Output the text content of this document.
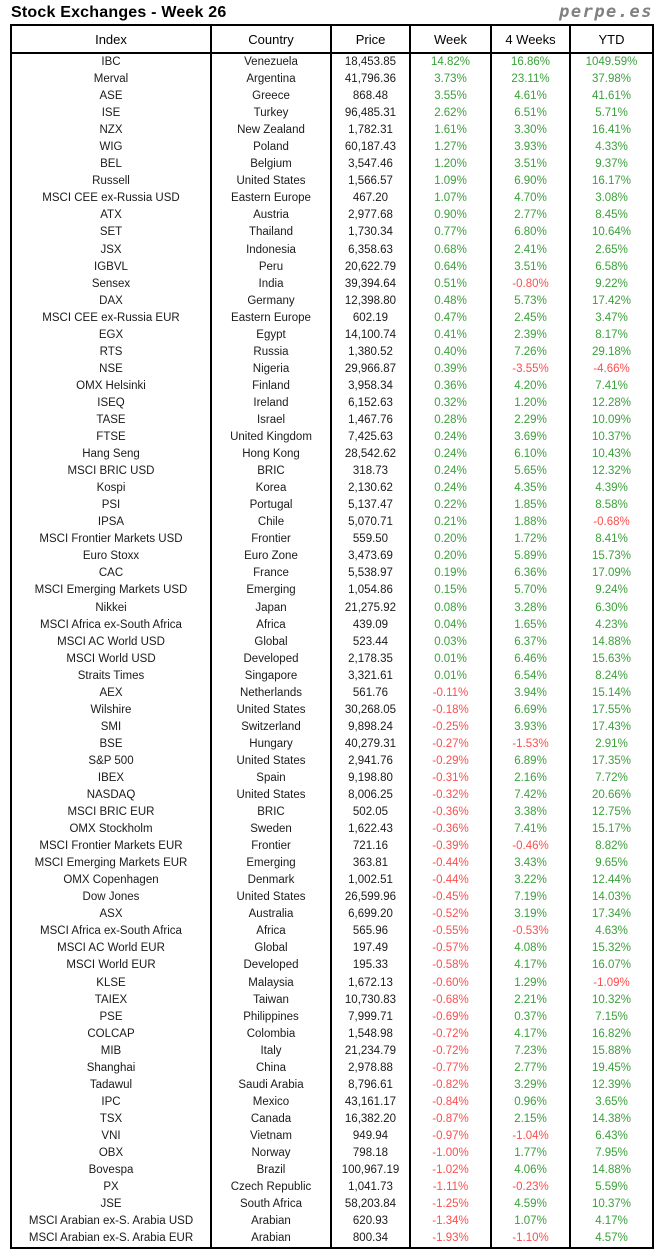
Stock Exchanges - Week 26	perpe.es
Index	Country	Price	Week	4 Weeks	YTD
IBC	Venezuela	18,453.85	14.82%	16.86%	1049.59%
Merval	Argentina	41,796.36	3.73%	23.11%	37.98%
ASE	Greece	868.48	3.55%	4.61%	41.61%
ISE	Turkey	96,485.31	2.62%	6.51%	5.71%
NZX	New Zealand	1,782.31	1.61%	3.30%	16.41%
WIG	Poland	60,187.43	1.27%	3.93%	4.33%
BEL	Belgium	3,547.46	1.20%	3.51%	9.37%
Russell	United States	1,566.57	1.09%	6.90%	16.17%
MSCI CEE ex-Russia USD	Eastern Europe	467.20	1.07%	4.70%	3.08%
ATX	Austria	2,977.68	0.90%	2.77%	8.45%
SET	Thailand	1,730.34	0.77%	6.80%	10.64%
JSX	Indonesia	6,358.63	0.68%	2.41%	2.65%
IGBVL	Peru	20,622.79	0.64%	3.51%	6.58%
Sensex	India	39,394.64	0.51%	-0.80%	9.22%
DAX	Germany	12,398.80	0.48%	5.73%	17.42%
MSCI CEE ex-Russia EUR	Eastern Europe	602.19	0.47%	2.45%	3.47%
EGX	Egypt	14,100.74	0.41%	2.39%	8.17%
RTS	Russia	1,380.52	0.40%	7.26%	29.18%
NSE	Nigeria	29,966.87	0.39%	-3.55%	-4.66%
OMX Helsinki	Finland	3,958.34	0.36%	4.20%	7.41%
ISEQ	Ireland	6,152.63	0.32%	1.20%	12.28%
TASE	Israel	1,467.76	0.28%	2.29%	10.09%
FTSE	United Kingdom	7,425.63	0.24%	3.69%	10.37%
Hang Seng	Hong Kong	28,542.62	0.24%	6.10%	10.43%
MSCI BRIC USD	BRIC	318.73	0.24%	5.65%	12.32%
Kospi	Korea	2,130.62	0.24%	4.35%	4.39%
PSI	Portugal	5,137.47	0.22%	1.85%	8.58%
IPSA	Chile	5,070.71	0.21%	1.88%	-0.68%
MSCI Frontier Markets USD	Frontier	559.50	0.20%	1.72%	8.41%
Euro Stoxx	Euro Zone	3,473.69	0.20%	5.89%	15.73%
CAC	France	5,538.97	0.19%	6.36%	17.09%
MSCI Emerging Markets USD	Emerging	1,054.86	0.15%	5.70%	9.24%
Nikkei	Japan	21,275.92	0.08%	3.28%	6.30%
MSCI Africa ex-South Africa	Africa	439.09	0.04%	1.65%	4.23%
MSCI AC World USD	Global	523.44	0.03%	6.37%	14.88%
MSCI World USD	Developed	2,178.35	0.01%	6.46%	15.63%
Straits Times	Singapore	3,321.61	0.01%	6.54%	8.24%
AEX	Netherlands	561.76	-0.11%	3.94%	15.14%
Wilshire	United States	30,268.05	-0.18%	6.69%	17.55%
SMI	Switzerland	9,898.24	-0.25%	3.93%	17.43%
BSE	Hungary	40,279.31	-0.27%	-1.53%	2.91%
S&P 500	United States	2,941.76	-0.29%	6.89%	17.35%
IBEX	Spain	9,198.80	-0.31%	2.16%	7.72%
NASDAQ	United States	8,006.25	-0.32%	7.42%	20.66%
MSCI BRIC EUR	BRIC	502.05	-0.36%	3.38%	12.75%
OMX Stockholm	Sweden	1,622.43	-0.36%	7.41%	15.17%
MSCI Frontier Markets EUR	Frontier	721.16	-0.39%	-0.46%	8.82%
MSCI Emerging Markets EUR	Emerging	363.81	-0.44%	3.43%	9.65%
OMX Copenhagen	Denmark	1,002.51	-0.44%	3.22%	12.44%
Dow Jones	United States	26,599.96	-0.45%	7.19%	14.03%
ASX	Australia	6,699.20	-0.52%	3.19%	17.34%
MSCI Africa ex-South Africa	Africa	565.96	-0.55%	-0.53%	4.63%
MSCI AC World EUR	Global	197.49	-0.57%	4.08%	15.32%
MSCI World EUR	Developed	195.33	-0.58%	4.17%	16.07%
KLSE	Malaysia	1,672.13	-0.60%	1.29%	-1.09%
TAIEX	Taiwan	10,730.83	-0.68%	2.21%	10.32%
PSE	Philippines	7,999.71	-0.69%	0.37%	7.15%
COLCAP	Colombia	1,548.98	-0.72%	4.17%	16.82%
MIB	Italy	21,234.79	-0.72%	7.23%	15.88%
Shanghai	China	2,978.88	-0.77%	2.77%	19.45%
Tadawul	Saudi Arabia	8,796.61	-0.82%	3.29%	12.39%
IPC	Mexico	43,161.17	-0.84%	0.96%	3.65%
TSX	Canada	16,382.20	-0.87%	2.15%	14.38%
VNI	Vietnam	949.94	-0.97%	-1.04%	6.43%
OBX	Norway	798.18	-1.00%	1.77%	7.95%
Bovespa	Brazil	100,967.19	-1.02%	4.06%	14.88%
PX	Czech Republic	1,041.73	-1.11%	-0.23%	5.59%
JSE	South Africa	58,203.84	-1.25%	4.59%	10.37%
MSCI Arabian ex-S. Arabia USD	Arabian	620.93	-1.34%	1.07%	4.17%
MSCI Arabian ex-S. Arabia EUR	Arabian	800.34	-1.93%	-1.10%	4.57%
